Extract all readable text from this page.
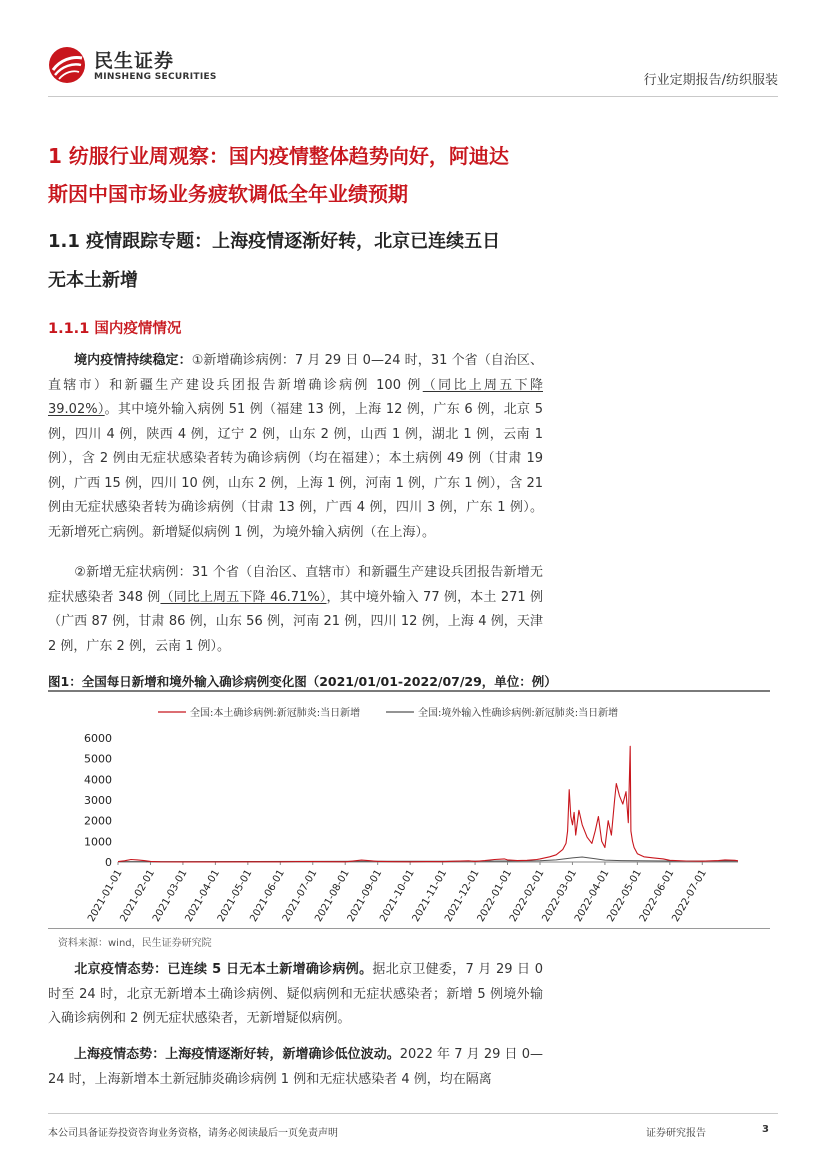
民生证券
MINSHENG SECURITIES	行业定期报告/纺织服装
1 纺服行业周观察：国内疫情整体趋势向好，阿迪达
斯因中国市场业务疲软调低全年业绩预期
1.1 疫情跟踪专题：上海疫情逐渐好转，北京已连续五日
无本土新增
1.1.1 国内疫情情况
境内疫情持续稳定：①新增确诊病例：7 月 29 日 0—24 时，31 个省（自治区、直辖市）和新疆生产建设兵团报告新增确诊病例 100 例（同比上周五下降 39.02%）。其中境外输入病例 51 例（福建 13 例，上海 12 例，广东 6 例，北京 5 例，四川 4 例，陕西 4 例，辽宁 2 例，山东 2 例，山西 1 例，湖北 1 例，云南 1 例），含 2 例由无症状感染者转为确诊病例（均在福建）；本土病例 49 例（甘肃 19 例，广西 15 例，四川 10 例，山东 2 例，上海 1 例，河南 1 例，广东 1 例），含 21 例由无症状感染者转为确诊病例（甘肃 13 例，广西 4 例，四川 3 例，广东 1 例）。无新增死亡病例。新增疑似病例 1 例，为境外输入病例（在上海）。
②新增无症状病例：31 个省（自治区、直辖市）和新疆生产建设兵团报告新增无症状感染者 348 例（同比上周五下降 46.71%），其中境外输入 77 例，本土 271 例（广西 87 例，甘肃 86 例，山东 56 例，河南 21 例，四川 12 例，上海 4 例，天津 2 例，广东 2 例，云南 1 例）。
图1：全国每日新增和境外输入确诊病例变化图（2021/01/01-2022/07/29，单位：例）
全国:本土确诊病例:新冠肺炎:当日新增	全国:境外输入性确诊病例:新冠肺炎:当日新增
0
1000
2000
3000
4000
5000
6000
2021-01-01
2021-02-01
2021-03-01
2021-04-01
2021-05-01
2021-06-01
2021-07-01
2021-08-01
2021-09-01
2021-10-01
2021-11-01
2021-12-01
2022-01-01
2022-02-01
2022-03-01
2022-04-01
2022-05-01
2022-06-01
2022-07-01
资料来源：wind，民生证券研究院
北京疫情态势：已连续 5 日无本土新增确诊病例。据北京卫健委，7 月 29 日 0 时至 24 时，北京无新增本土确诊病例、疑似病例和无症状感染者；新增 5 例境外输入确诊病例和 2 例无症状感染者，无新增疑似病例。
上海疫情态势：上海疫情逐渐好转，新增确诊低位波动。2022 年 7 月 29 日 0—24 时，上海新增本土新冠肺炎确诊病例 1 例和无症状感染者 4 例，均在隔离
本公司具备证券投资咨询业务资格，请务必阅读最后一页免责声明	证券研究报告	3
